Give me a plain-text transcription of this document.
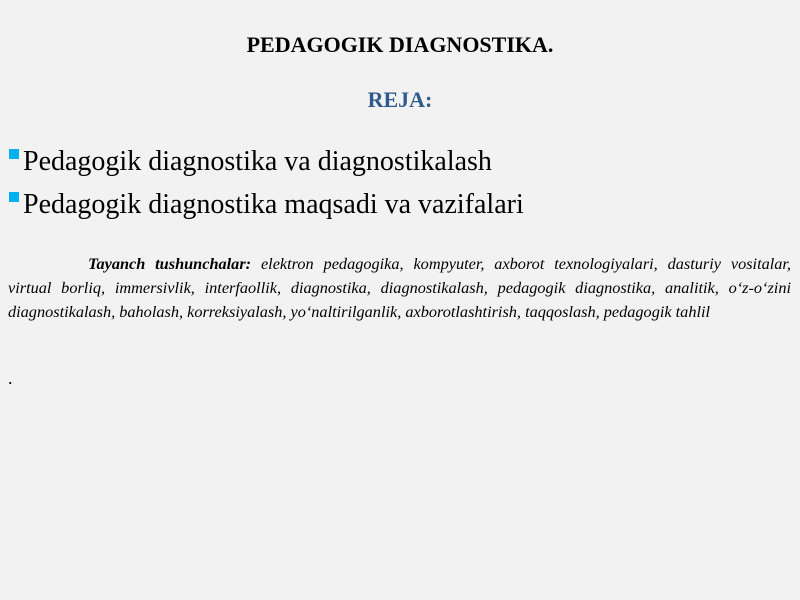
PEDAGOGIK DIAGNOSTIKA.
REJA:
Pedagogik diagnostika va diagnostikalash
Pedagogik diagnostika maqsadi va vazifalari

Tayanch tushunchalar: elektron pedagogika, kompyuter, axborot texnologiyalari, dasturiy vositalar, virtual borliq, immersivlik, interfaollik, diagnostika, diagnostikalash, pedagogik diagnostika, analitik, o‘z-o‘zini diagnostikalash, baholash, korreksiyalash, yo‘naltirilganlik, axborotlashtirish, taqqoslash, pedagogik tahlil

.
